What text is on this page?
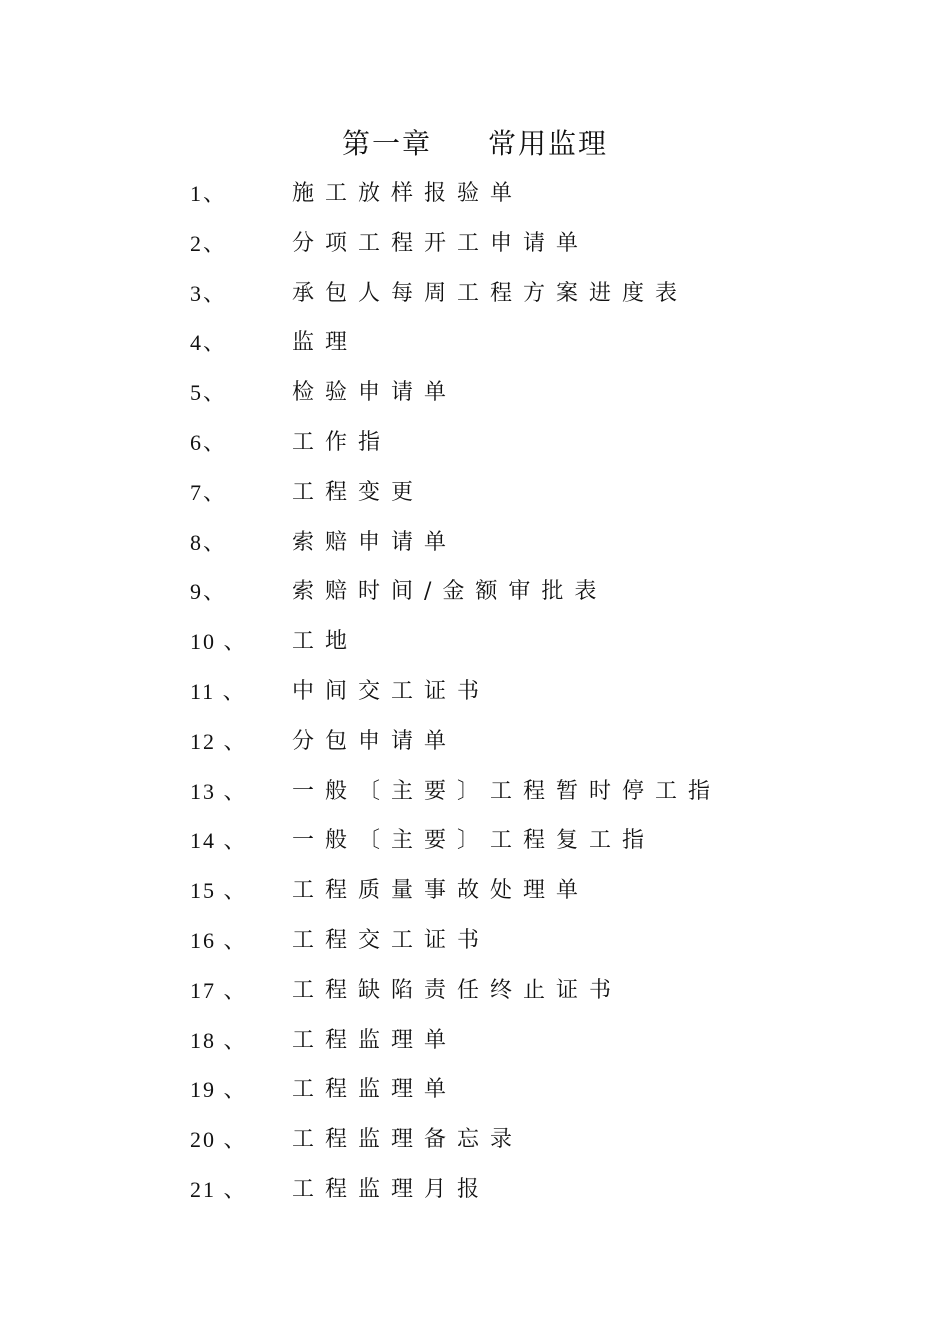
第一章 常用监理
1、	施工放样报验单
2、	分项工程开工申请单
3、	承包人每周工程方案进度表
4、	监理
5、	检验申请单
6、	工作指
7、	工程变更
8、	索赔申请单
9、	索赔时间/金额审批表
10 、	工地
11 、	中间交工证书
12 、	分包申请单
13 、	一般〔主要〕工程暂时停工指
14 、	一般〔主要〕工程复工指
15 、	工程质量事故处理单
16 、	工程交工证书
17 、	工程缺陷责任终止证书
18 、	工程监理单
19 、	工程监理单
20 、	工程监理备忘录
21 、	工程监理月报
